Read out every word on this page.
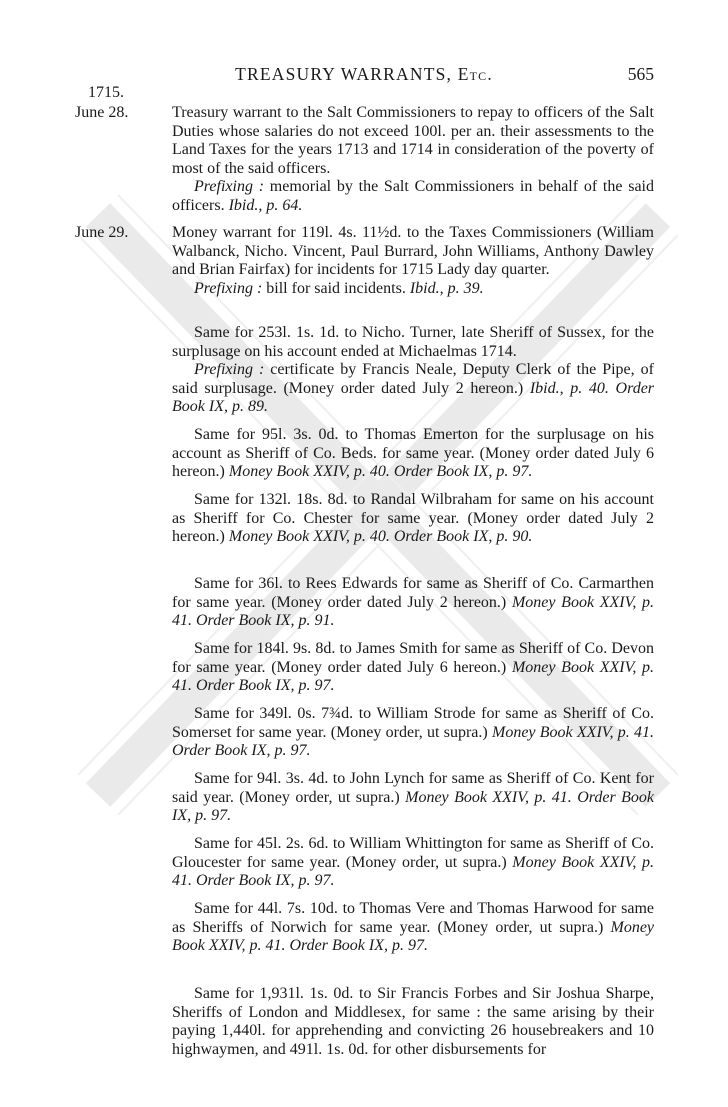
TREASURY WARRANTS, Etc.	565
1715.
June 28.
June 29.
Treasury warrant to the Salt Commissioners to repay to officers of the Salt Duties whose salaries do not exceed 100l. per an. their assessments to the Land Taxes for the years 1713 and 1714 in consideration of the poverty of most of the said officers.
Prefixing : memorial by the Salt Commissioners in behalf of the said officers. Ibid., p. 64.
Money warrant for 119l. 4s. 11½d. to the Taxes Commissioners (William Walbanck, Nicho. Vincent, Paul Burrard, John Williams, Anthony Dawley and Brian Fairfax) for incidents for 1715 Lady day quarter.
Prefixing : bill for said incidents. Ibid., p. 39.
Same for 253l. 1s. 1d. to Nicho. Turner, late Sheriff of Sussex, for the surplusage on his account ended at Michaelmas 1714.
Prefixing : certificate by Francis Neale, Deputy Clerk of the Pipe, of said surplusage. (Money order dated July 2 hereon.) Ibid., p. 40. Order Book IX, p. 89.
Same for 95l. 3s. 0d. to Thomas Emerton for the surplusage on his account as Sheriff of Co. Beds. for same year. (Money order dated July 6 hereon.) Money Book XXIV, p. 40. Order Book IX, p. 97.
Same for 132l. 18s. 8d. to Randal Wilbraham for same on his account as Sheriff for Co. Chester for same year. (Money order dated July 2 hereon.) Money Book XXIV, p. 40. Order Book IX, p. 90.
Same for 36l. to Rees Edwards for same as Sheriff of Co. Carmarthen for same year. (Money order dated July 2 hereon.) Money Book XXIV, p. 41. Order Book IX, p. 91.
Same for 184l. 9s. 8d. to James Smith for same as Sheriff of Co. Devon for same year. (Money order dated July 6 hereon.) Money Book XXIV, p. 41. Order Book IX, p. 97.
Same for 349l. 0s. 7¾d. to William Strode for same as Sheriff of Co. Somerset for same year. (Money order, ut supra.) Money Book XXIV, p. 41. Order Book IX, p. 97.
Same for 94l. 3s. 4d. to John Lynch for same as Sheriff of Co. Kent for said year. (Money order, ut supra.) Money Book XXIV, p. 41. Order Book IX, p. 97.
Same for 45l. 2s. 6d. to William Whittington for same as Sheriff of Co. Gloucester for same year. (Money order, ut supra.) Money Book XXIV, p. 41. Order Book IX, p. 97.
Same for 44l. 7s. 10d. to Thomas Vere and Thomas Harwood for same as Sheriffs of Norwich for same year. (Money order, ut supra.) Money Book XXIV, p. 41. Order Book IX, p. 97.
Same for 1,931l. 1s. 0d. to Sir Francis Forbes and Sir Joshua Sharpe, Sheriffs of London and Middlesex, for same : the same arising by their paying 1,440l. for apprehending and convicting 26 housebreakers and 10 highwaymen, and 491l. 1s. 0d. for other disbursements for
